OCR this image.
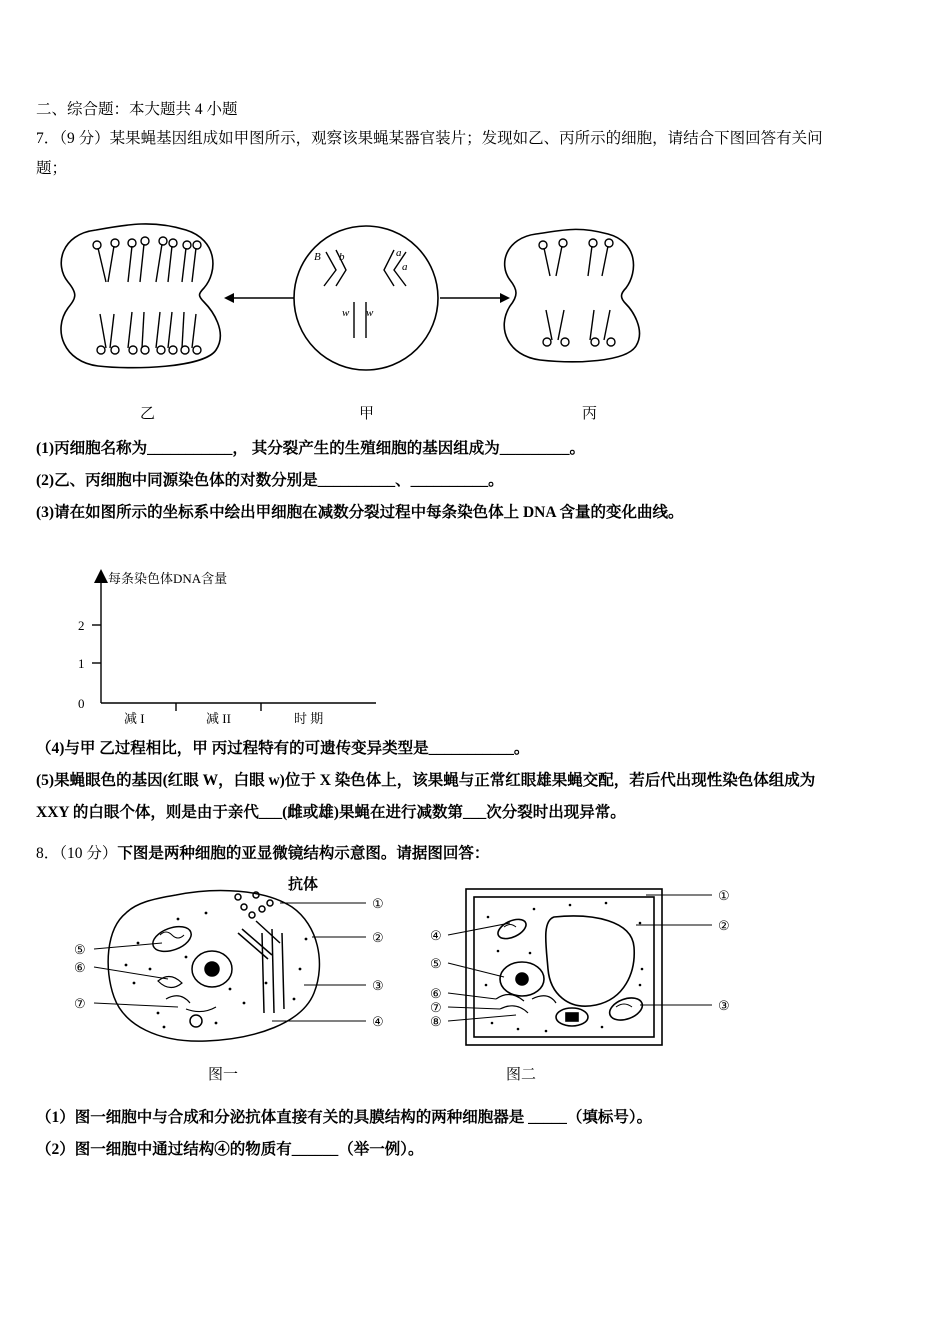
二、综合题：本大题共 4 小题
7．（9 分）某果蝇基因组成如甲图所示，观察该果蝇某器官装片；发现如乙、丙所示的细胞，请结合下图回答有关问
题；
B b	a
a
w w
乙	甲	丙
(1)丙细胞名称为___________， 其分裂产生的生殖细胞的基因组成为_________。
(2)乙、丙细胞中同源染色体的对数分别是__________、__________。
(3)请在如图所示的坐标系中绘出甲细胞在减数分裂过程中每条染色体上 DNA 含量的变化曲线。
每条染色体DNA含量
2
1
0
减 I	减 II	时 期
（4)与甲 乙过程相比，甲 丙过程特有的可遗传变异类型是___________。
(5)果蝇眼色的基因(红眼 W，白眼 w)位于 X 染色体上，该果蝇与正常红眼雄果蝇交配，若后代出现性染色体组成为
XXY 的白眼个体，则是由于亲代___(雌或雄)果蝇在进行减数第___次分裂时出现异常。
8．（10 分）下图是两种细胞的亚显微镜结构示意图。请据图回答：
抗体
①
②
③
④
⑤
⑥
⑦
①
②
③
④
⑤
⑥
⑦
⑧
图一	图二
（1）图一细胞中与合成和分泌抗体直接有关的具膜结构的两种细胞器是 _____（填标号）。
（2）图一细胞中通过结构④的物质有______（举一例）。
